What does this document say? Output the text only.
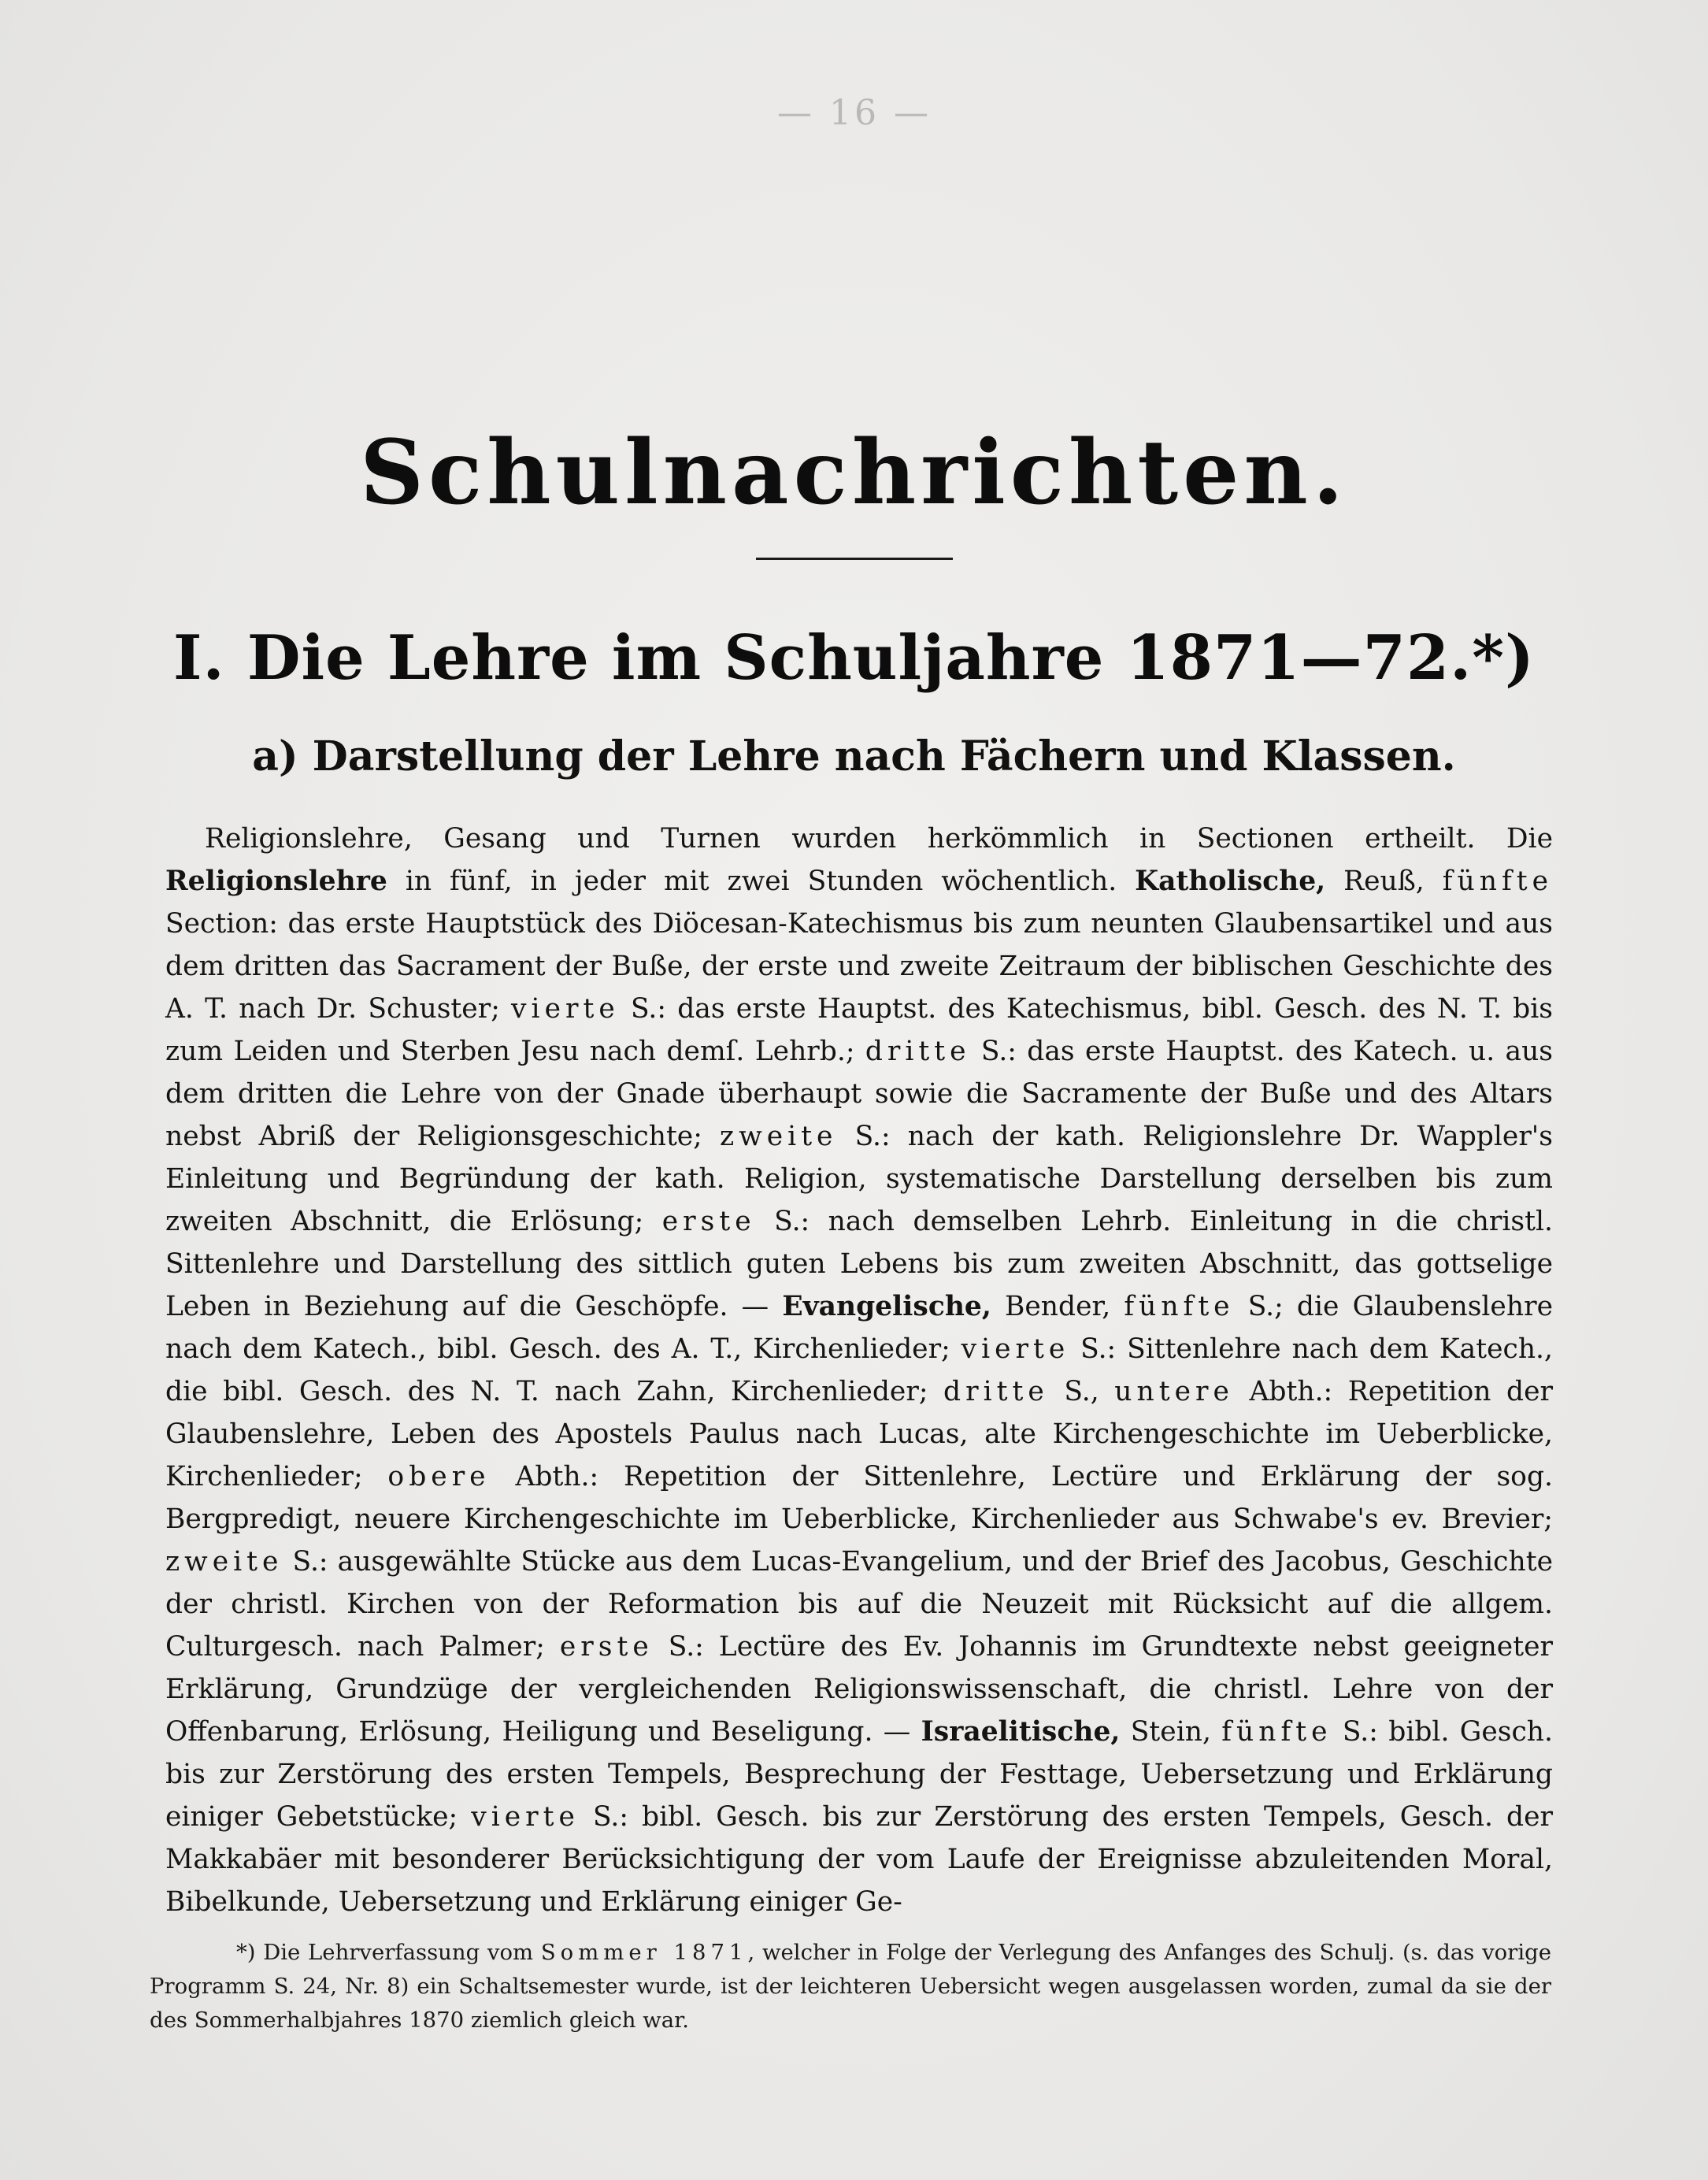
— 16 —
Schulnachrichten.
I. Die Lehre im Schuljahre 1871—72.*)
a) Darstellung der Lehre nach Fächern und Klassen.
Religionslehre, Gesang und Turnen wurden herkömmlich in Sectionen ertheilt. Die Religionslehre in fünf, in jeder mit zwei Stunden wöchentlich. Katholische, Reuß, fünfte Section: das erste Hauptstück des Diöcesan-Katechismus bis zum neunten Glaubensartikel und aus dem dritten das Sacrament der Buße, der erste und zweite Zeitraum der biblischen Geschichte des A. T. nach Dr. Schuster; vierte S.: das erste Hauptst. des Katechismus, bibl. Gesch. des N. T. bis zum Leiden und Sterben Jesu nach demſ. Lehrb.; dritte S.: das erste Hauptst. des Katech. u. aus dem dritten die Lehre von der Gnade überhaupt sowie die Sacramente der Buße und des Altars nebst Abriß der Religionsgeschichte; zweite S.: nach der kath. Religionslehre Dr. Wappler's Einleitung und Begründung der kath. Religion, systematische Darstellung derselben bis zum zweiten Abschnitt, die Erlösung; erste S.: nach demselben Lehrb. Einleitung in die christl. Sittenlehre und Darstellung des sittlich guten Lebens bis zum zweiten Abschnitt, das gottselige Leben in Beziehung auf die Geschöpfe. — Evangelische, Bender, fünfte S.; die Glaubenslehre nach dem Katech., bibl. Gesch. des A. T., Kirchenlieder; vierte S.: Sittenlehre nach dem Katech., die bibl. Gesch. des N. T. nach Zahn, Kirchenlieder; dritte S., untere Abth.: Repetition der Glaubenslehre, Leben des Apostels Paulus nach Lucas, alte Kirchengeschichte im Ueberblicke, Kirchenlieder; obere Abth.: Repetition der Sittenlehre, Lectüre und Erklärung der sog. Bergpredigt, neuere Kirchengeschichte im Ueberblicke, Kirchenlieder aus Schwabe's ev. Brevier; zweite S.: ausgewählte Stücke aus dem Lucas-Evangelium, und der Brief des Jacobus, Geschichte der christl. Kirchen von der Reformation bis auf die Neuzeit mit Rücksicht auf die allgem. Culturgesch. nach Palmer; erste S.: Lectüre des Ev. Johannis im Grundtexte nebst geeigneter Erklärung, Grundzüge der vergleichenden Religionswissenschaft, die christl. Lehre von der Offenbarung, Erlösung, Heiligung und Beseligung. — Israelitische, Stein, fünfte S.: bibl. Gesch. bis zur Zerstörung des ersten Tempels, Besprechung der Festtage, Uebersetzung und Erklärung einiger Gebetstücke; vierte S.: bibl. Gesch. bis zur Zerstörung des ersten Tempels, Gesch. der Makkabäer mit besonderer Berücksichtigung der vom Laufe der Ereignisse abzuleitenden Moral, Bibelkunde, Uebersetzung und Erklärung einiger Ge-
*) Die Lehrverfassung vom Sommer 1871, welcher in Folge der Verlegung des Anfanges des Schulj. (s. das vorige Programm S. 24, Nr. 8) ein Schaltsemester wurde, ist der leichteren Uebersicht wegen ausgelassen worden, zumal da sie der des Sommerhalbjahres 1870 ziemlich gleich war.
